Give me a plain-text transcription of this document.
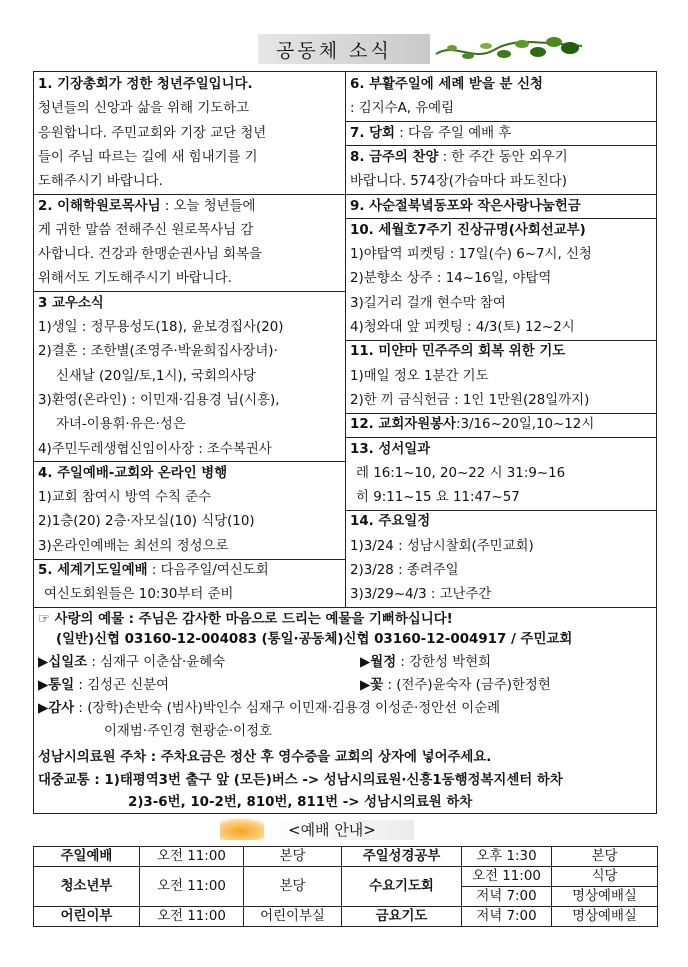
공동체 소식
1. 기장총회가 정한 청년주일입니다.
청년들의 신앙과 삶을 위해 기도하고
응원합니다. 주민교회와 기장 교단 청년
들이 주님 따르는 길에 새 힘내기를 기
도해주시기 바랍니다.
2. 이해학원로목사님 : 오늘 청년들에
게 귀한 말씀 전해주신 원로목사님 감
사합니다. 건강과 한맹순권사님 회복을
위해서도 기도해주시기 바랍니다.
3 교우소식
1)생일 : 정무용성도(18), 윤보경집사(20)
2)결혼 : 조한별(조영주·박윤희집사장녀)·
신새날 (20일/토,1시), 국회의사당
3)환영(온라인) : 이민재·김용경 님(시흥),
자녀-이용휘·유은·성은
4)주민두레생협신임이사장 : 조수복권사
4. 주일예배-교회와 온라인 병행
1)교회 참여시 방역 수칙 준수
2)1층(20) 2층·자모실(10) 식당(10)
3)온라인예배는 최선의 정성으로
5. 세계기도일예배 : 다음주일/여신도회
여신도회원들은 10:30부터 준비
6. 부활주일에 세례 받을 분 신청
: 김지수A, 유예림
7. 당회 : 다음 주일 예배 후
8. 금주의 찬양 : 한 주간 동안 외우기
바랍니다. 574장(가슴마다 파도친다)
9. 사순절북녘동포와 작은사랑나눔헌금
10. 세월호7주기 진상규명(사회선교부)
1)야탑역 피켓팅 : 17일(수) 6~7시, 신청
2)분향소 상주 : 14~16일, 야탑역
3)길거리 걸개 현수막 참여
4)청와대 앞 피켓팅 : 4/3(토) 12~2시
11. 미얀마 민주주의 회복 위한 기도
1)매일 정오 1분간 기도
2)한 끼 금식헌금 : 1인 1만원(28일까지)
12. 교회자원봉사:3/16~20일,10~12시
13. 성서일과
레 16:1~10, 20~22 시 31:9~16
히 9:11~15 요 11:47~57
14. 주요일정
1)3/24 : 성남시찰회(주민교회)
2)3/28 : 종려주일
3)3/29~4/3 : 고난주간
☞ 사랑의 예물 : 주님은 감사한 마음으로 드리는 예물을 기뻐하십니다!
(일반)신협 03160-12-004083 (통일·공동체)신협 03160-12-004917 / 주민교회
▶십일조 : 심재구 이춘삼·윤혜숙	▶월정 : 강한성 박현희
▶통일 : 김성곤 신분여	▶꽃 : (전주)윤숙자 (금주)한정현
▶감사 : (장학)손반숙 (범사)박인수 심재구 이민재·김용경 이성준·정안선 이순례
이재범·주인경 현광순·이정호
성남시의료원 주차 : 주차요금은 정산 후 영수증을 교회의 상자에 넣어주세요.
대중교통 : 1)태평역3번 출구 앞 (모든)버스 -> 성남시의료원·신흥1동행정복지센터 하차
2)3-6번, 10-2번, 810번, 811번 -> 성남시의료원 하차
<예배 안내>
주일예배	오전 11:00	본당	주일성경공부	오후 1:30	본당
청소년부	오전 11:00	본당	수요기도회	오전 11:00	식당
				저녁 7:00	명상예배실
어린이부	오전 11:00	어린이부실	금요기도	저녁 7:00	명상예배실
